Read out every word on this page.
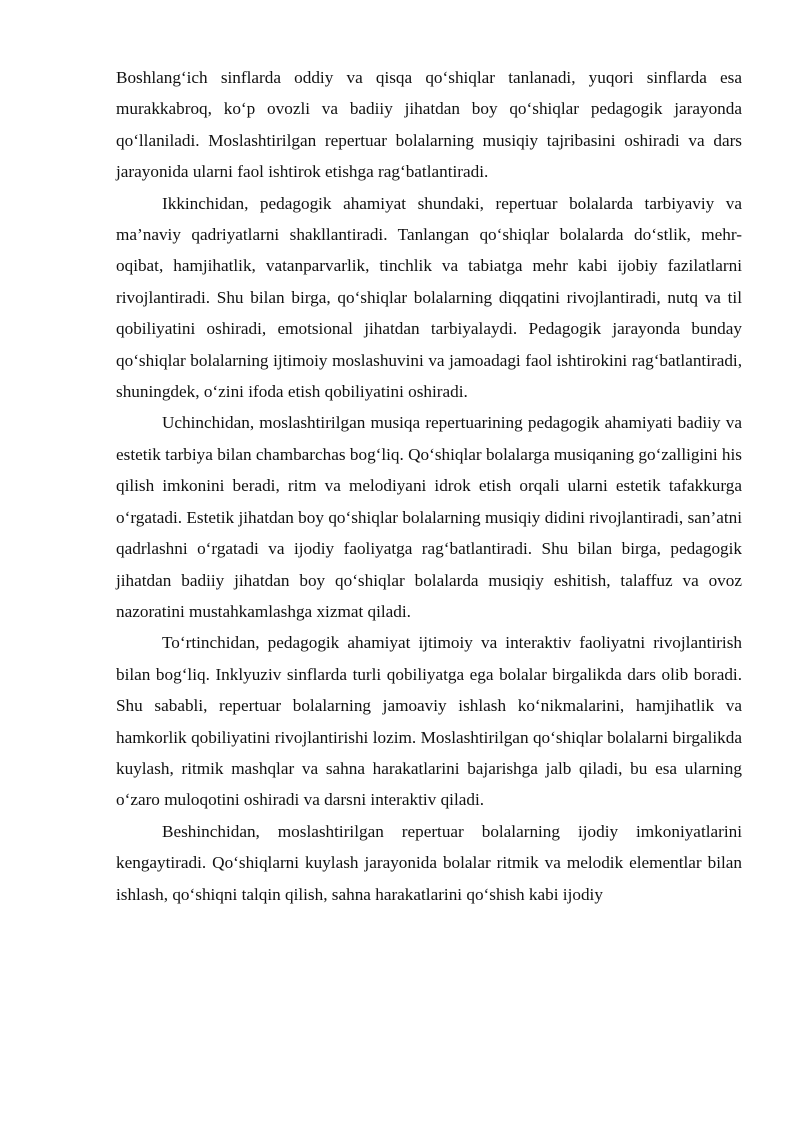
Boshlang‘ich sinflarda oddiy va qisqa qo‘shiqlar tanlanadi, yuqori sinflarda esa murakkabroq, ko‘p ovozli va badiiy jihatdan boy qo‘shiqlar pedagogik jarayonda qo‘llaniladi. Moslashtirilgan repertuar bolalarning musiqiy tajribasini oshiradi va dars jarayonida ularni faol ishtirok etishga rag‘batlantiradi.

Ikkinchidan, pedagogik ahamiyat shundaki, repertuar bolalarda tarbiyaviy va ma’naviy qadriyatlarni shakllantiradi. Tanlangan qo‘shiqlar bolalarda do‘stlik, mehr-oqibat, hamjihatlik, vatanparvarlik, tinchlik va tabiatga mehr kabi ijobiy fazilatlarni rivojlantiradi. Shu bilan birga, qo‘shiqlar bolalarning diqqatini rivojlantiradi, nutq va til qobiliyatini oshiradi, emotsional jihatdan tarbiyalaydi. Pedagogik jarayonda bunday qo‘shiqlar bolalarning ijtimoiy moslashuvini va jamoadagi faol ishtirokini rag‘batlantiradi, shuningdek, o‘zini ifoda etish qobiliyatini oshiradi.

Uchinchidan, moslashtirilgan musiqa repertuarining pedagogik ahamiyati badiiy va estetik tarbiya bilan chambarchas bog‘liq. Qo‘shiqlar bolalarga musiqaning go‘zalligini his qilish imkonini beradi, ritm va melodiyani idrok etish orqali ularni estetik tafakkurga o‘rgatadi. Estetik jihatdan boy qo‘shiqlar bolalarning musiqiy didini rivojlantiradi, san’atni qadrlashni o‘rgatadi va ijodiy faoliyatga rag‘batlantiradi. Shu bilan birga, pedagogik jihatdan badiiy jihatdan boy qo‘shiqlar bolalarda musiqiy eshitish, talaffuz va ovoz nazoratini mustahkamlashga xizmat qiladi.

To‘rtinchidan, pedagogik ahamiyat ijtimoiy va interaktiv faoliyatni rivojlantirish bilan bog‘liq. Inklyuziv sinflarda turli qobiliyatga ega bolalar birgalikda dars olib boradi. Shu sababli, repertuar bolalarning jamoaviy ishlash ko‘nikmalarini, hamjihatlik va hamkorlik qobiliyatini rivojlantirishi lozim. Moslashtirilgan qo‘shiqlar bolalarni birgalikda kuylash, ritmik mashqlar va sahna harakatlarini bajarishga jalb qiladi, bu esa ularning o‘zaro muloqotini oshiradi va darsni interaktiv qiladi.

Beshinchidan, moslashtirilgan repertuar bolalarning ijodiy imkoniyatlarini kengaytiradi. Qo‘shiqlarni kuylash jarayonida bolalar ritmik va melodik elementlar bilan ishlash, qo‘shiqni talqin qilish, sahna harakatlarini qo‘shish kabi ijodiy
